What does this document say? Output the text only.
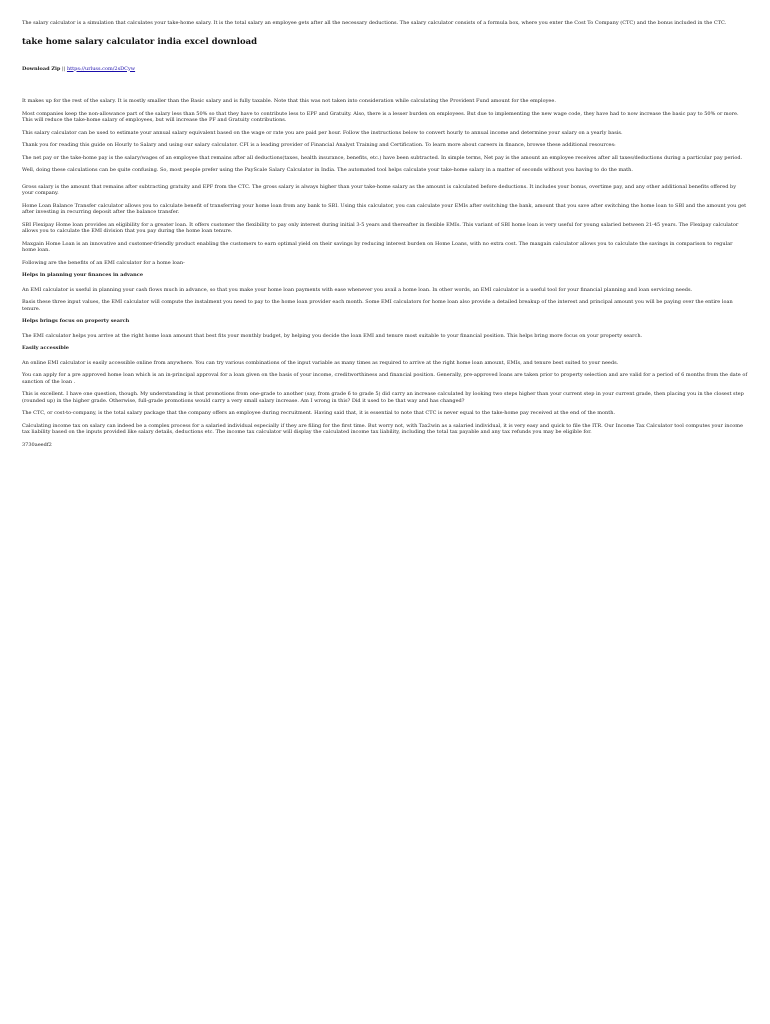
The salary calculator is a simulation that calculates your take-home salary. It is the total salary an employee gets after all the necessary deductions. The salary calculator consists of a formula box, where you enter the Cost To Company (CTC) and the bonus included in the CTC.

take home salary calculator india excel download
Download Zip || https://urluss.com/2sDCyw

It makes up for the rest of the salary. It is mostly smaller than the Basic salary and is fully taxable. Note that this was not taken into consideration while calculating the Provident Fund amount for the employee.

Most companies keep the non-allowance part of the salary less than 50% so that they have to contribute less to EPF and Gratuity. Also, there is a lesser burden on employees. But due to implementing the new wage code, they have had to now increase the basic pay to 50% or more. This will reduce the take-home salary of employees, but will increase the PF and Gratuity contributions.

This salary calculator can be used to estimate your annual salary equivalent based on the wage or rate you are paid per hour. Follow the instructions below to convert hourly to annual income and determine your salary on a yearly basis.

Thank you for reading this guide on Hourly to Salary and using our salary calculator. CFI is a leading provider of Financial Analyst Training and Certification. To learn more about careers in finance, browse these additional resources:

The net pay or the take-home pay is the salary/wages of an employee that remains after all deductions(taxes, health insurance, benefits, etc.) have been subtracted. In simple terms, Net pay is the amount an employee receives after all taxes/deductions during a particular pay period.

Well, doing these calculations can be quite confusing. So, most people prefer using the PayScale Salary Calculator in India. The automated tool helps calculate your take-home salary in a matter of seconds without you having to do the math.

Gross salary is the amount that remains after subtracting gratuity and EPF from the CTC. The gross salary is always higher than your take-home salary as the amount is calculated before deductions. It includes your bonus, overtime pay, and any other additional benefits offered by your company.

Home Loan Balance Transfer calculator allows you to calculate benefit of transferring your home loan from any bank to SBI. Using this calculator, you can calculate your EMIs after switching the bank, amount that you save after switching the home loan to SBI and the amount you get after investing in recurring deposit after the balance transfer.

SBI Flexipay Home loan provides an eligibility for a greater loan. It offers customer the flexibility to pay only interest during initial 3-5 years and thereafter in flexible EMIs. This variant of SBI home loan is very useful for young salaried between 21-45 years. The Flexipay calculator allows you to calculate the EMI division that you pay during the home loan tenure.

Maxgain Home Loan is an innovative and customer-friendly product enabling the customers to earn optimal yield on their savings by reducing interest burden on Home Loans, with no extra cost. The maxgain calculator allows you to calculate the savings in comparison to regular home loan.

Following are the benefits of an EMI calculator for a home loan-

Helps in planning your finances in advance

An EMI calculator is useful in planning your cash flows much in advance, so that you make your home loan payments with ease whenever you avail a home loan. In other words, an EMI calculator is a useful tool for your financial planning and loan servicing needs.

Basis these three input values, the EMI calculator will compute the instalment you need to pay to the home loan provider each month. Some EMI calculators for home loan also provide a detailed breakup of the interest and principal amount you will be paying over the entire loan tenure.

Helps brings focus on property search

The EMI calculator helps you arrive at the right home loan amount that best fits your monthly budget, by helping you decide the loan EMI and tenure most suitable to your financial position. This helps bring more focus on your property search.

Easily accessible

An online EMI calculator is easily accessible online from anywhere. You can try various combinations of the input variable as many times as required to arrive at the right home loan amount, EMIs, and tenure best suited to your needs.

You can apply for a pre approved home loan which is an in-principal approval for a loan given on the basis of your income, creditworthiness and financial position. Generally, pre-approved loans are taken prior to property selection and are valid for a period of 6 months from the date of sanction of the loan .

This is excellent. I have one question, though. My understanding is that promotions from one-grade to another (say, from grade 6 to grade 5) did carry an increase calculated by looking two steps higher than your current step in your current grade, then placing you in the closest step (rounded up) in the higher grade. Otherwise, full-grade promotions would carry a very small salary increase. Am I wrong in this? Did it used to be that way and has changed?

The CTC, or cost-to-company, is the total salary package that the company offers an employee during recruitment. Having said that, it is essential to note that CTC is never equal to the take-home pay received at the end of the month.

Calculating income tax on salary can indeed be a complex process for a salaried individual especially if they are filing for the first time. But worry not, with Tax2win as a salaried individual, it is very easy and quick to file the ITR. Our Income Tax Calculator tool computes your income tax liability based on the inputs provided like salary details, deductions etc. The income tax calculator will display the calculated income tax liability, including the total tax payable and any tax refunds you may be eligible for.

3730aeedf2
